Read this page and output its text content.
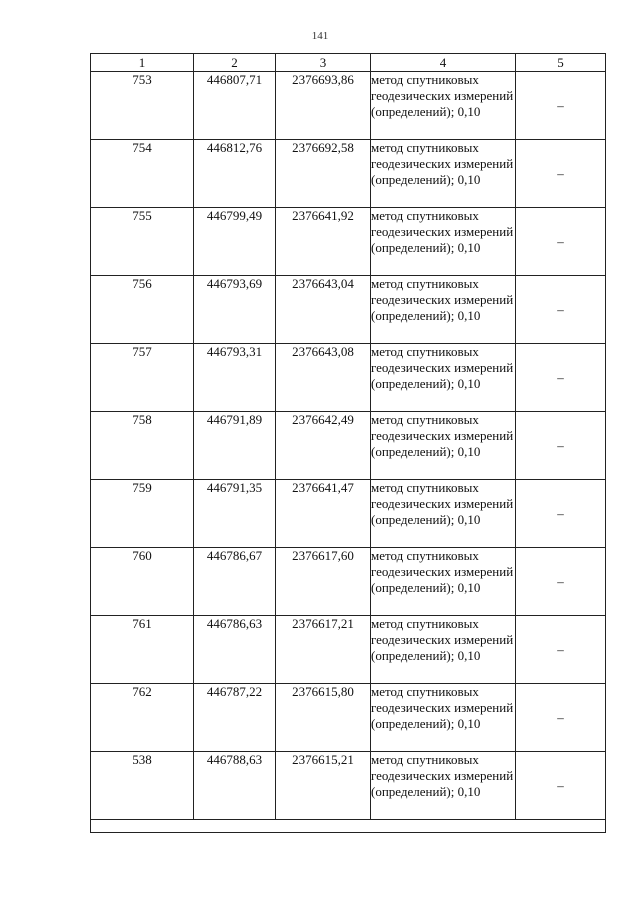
141
1	2	3	4	5
753	446807,71	2376693,86	метод спутниковых геодезических измерений (определений); 0,10	–
754	446812,76	2376692,58	метод спутниковых геодезических измерений (определений); 0,10	–
755	446799,49	2376641,92	метод спутниковых геодезических измерений (определений); 0,10	–
756	446793,69	2376643,04	метод спутниковых геодезических измерений (определений); 0,10	–
757	446793,31	2376643,08	метод спутниковых геодезических измерений (определений); 0,10	–
758	446791,89	2376642,49	метод спутниковых геодезических измерений (определений); 0,10	–
759	446791,35	2376641,47	метод спутниковых геодезических измерений (определений); 0,10	–
760	446786,67	2376617,60	метод спутниковых геодезических измерений (определений); 0,10	–
761	446786,63	2376617,21	метод спутниковых геодезических измерений (определений); 0,10	–
762	446787,22	2376615,80	метод спутниковых геодезических измерений (определений); 0,10	–
538	446788,63	2376615,21	метод спутниковых геодезических измерений (определений); 0,10	–
